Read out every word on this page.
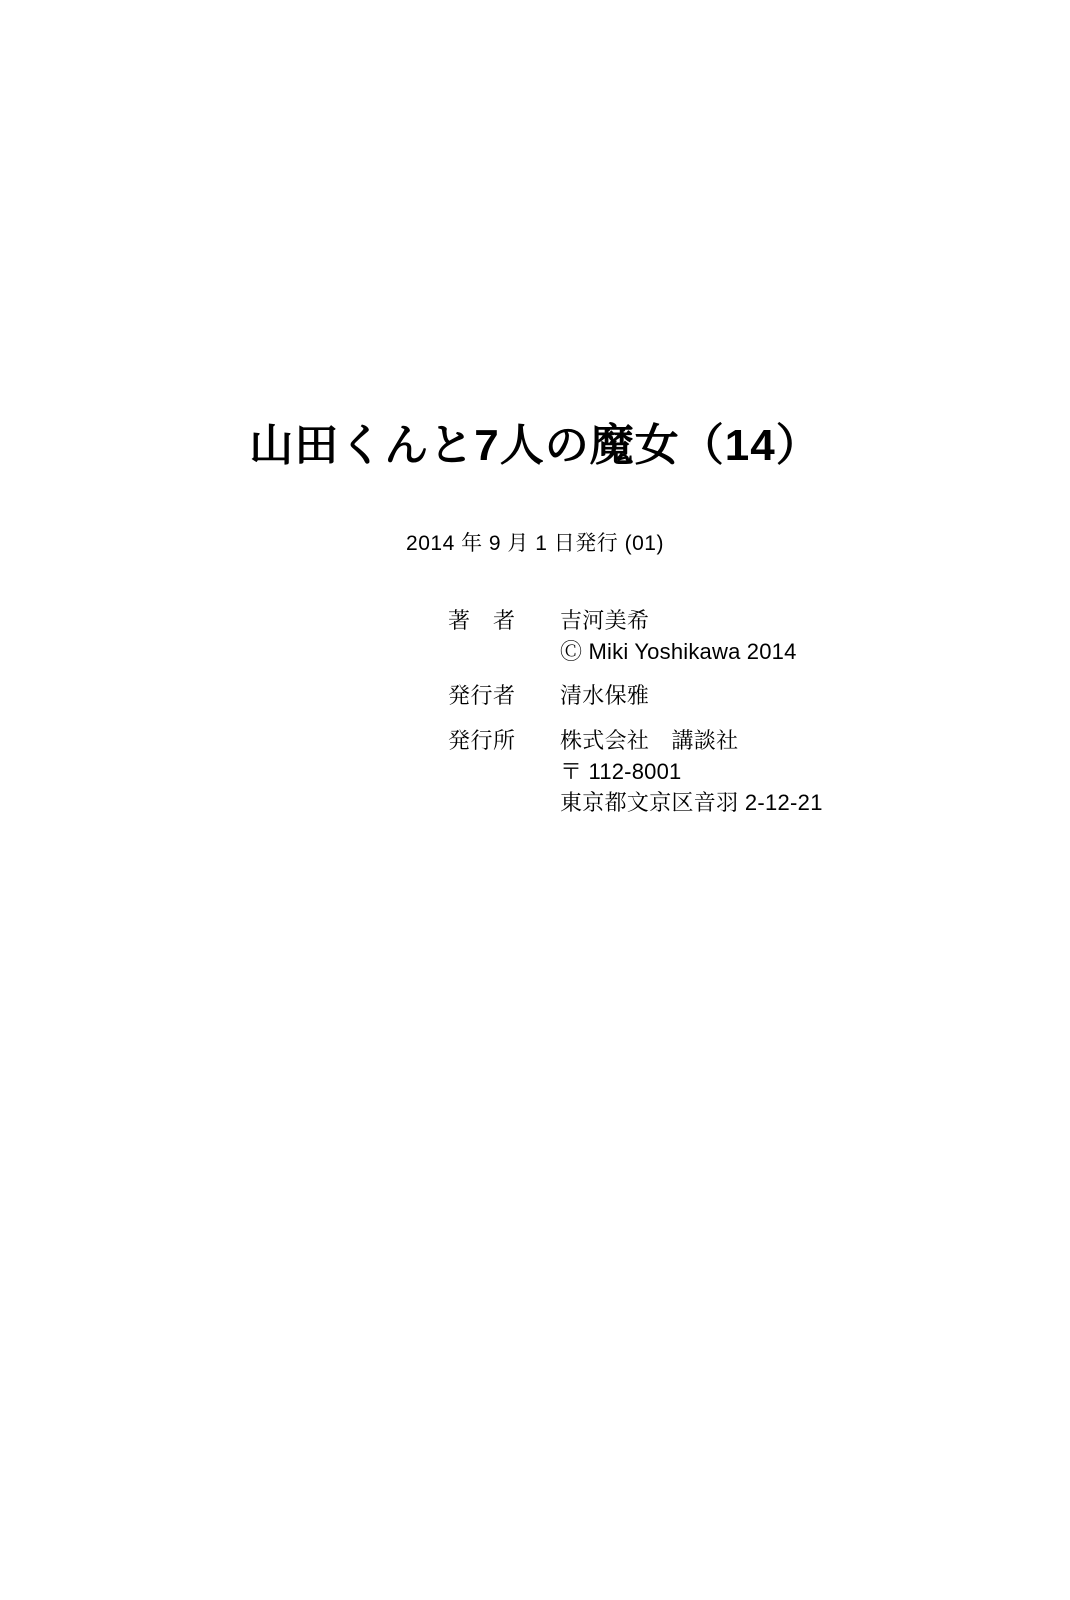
山田くんと7人の魔女（14）
2014 年 9 月 1 日発行 (01)
著　者	吉河美希
Ⓒ Miki Yoshikawa 2014
発行者	清水保雅
発行所	株式会社　講談社
〒 112-8001
東京都文京区音羽 2-12-21
